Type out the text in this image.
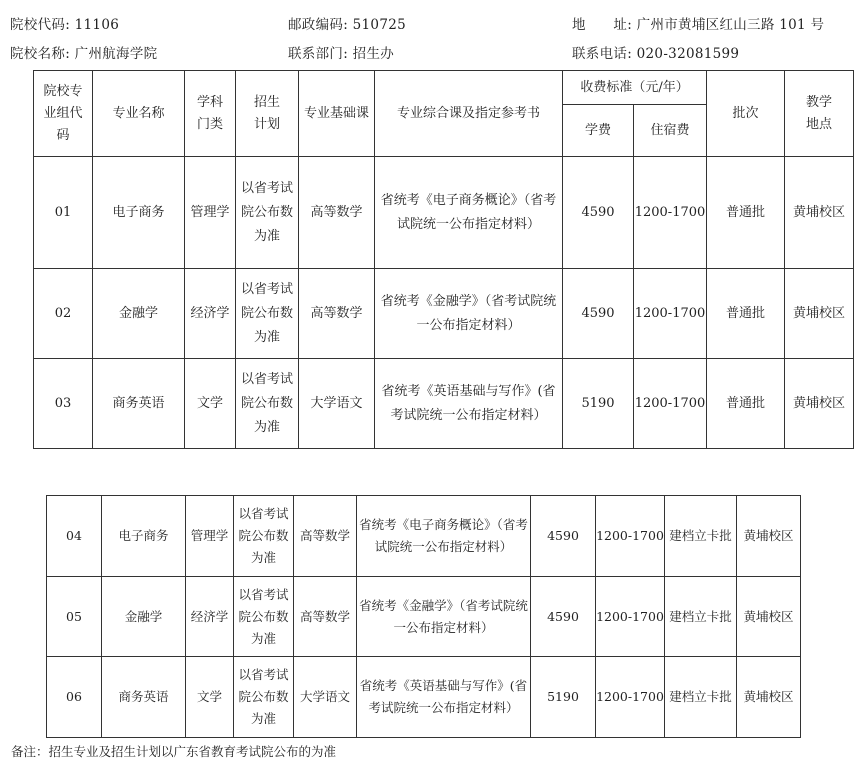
院校代码: 11106	邮政编码: 510725	地　　址: 广州市黄埔区红山三路 101 号
院校名称: 广州航海学院	联系部门: 招生办	联系电话: 020-32081599
院校专业组代码	专业名称	学科门类	招生计划	专业基础课	专业综合课及指定参考书	收费标准（元/年）		批次	教学地点

						学费	住宿费		
01	电子商务	管理学	以省考试院公布数为准	高等数学	省统考《电子商务概论》（省考试院统一公布指定材料）	4590	1200-1700	普通批	黄埔校区
02	金融学	经济学	以省考试院公布数为准	高等数学	省统考《金融学》（省考试院统一公布指定材料）	4590	1200-1700	普通批	黄埔校区
03	商务英语	文学	以省考试院公布数为准	大学语文	省统考《英语基础与写作》(省考试院统一公布指定材料）	5190	1200-1700	普通批	黄埔校区
04	电子商务	管理学	以省考试院公布数为准	高等数学	省统考《电子商务概论》（省考试院统一公布指定材料）	4590	1200-1700	建档立卡批	黄埔校区
05	金融学	经济学	以省考试院公布数为准	高等数学	省统考《金融学》（省考试院统一公布指定材料）	4590	1200-1700	建档立卡批	黄埔校区
06	商务英语	文学	以省考试院公布数为准	大学语文	省统考《英语基础与写作》(省考试院统一公布指定材料）	5190	1200-1700	建档立卡批	黄埔校区
备注：招生专业及招生计划以广东省教育考试院公布的为准
